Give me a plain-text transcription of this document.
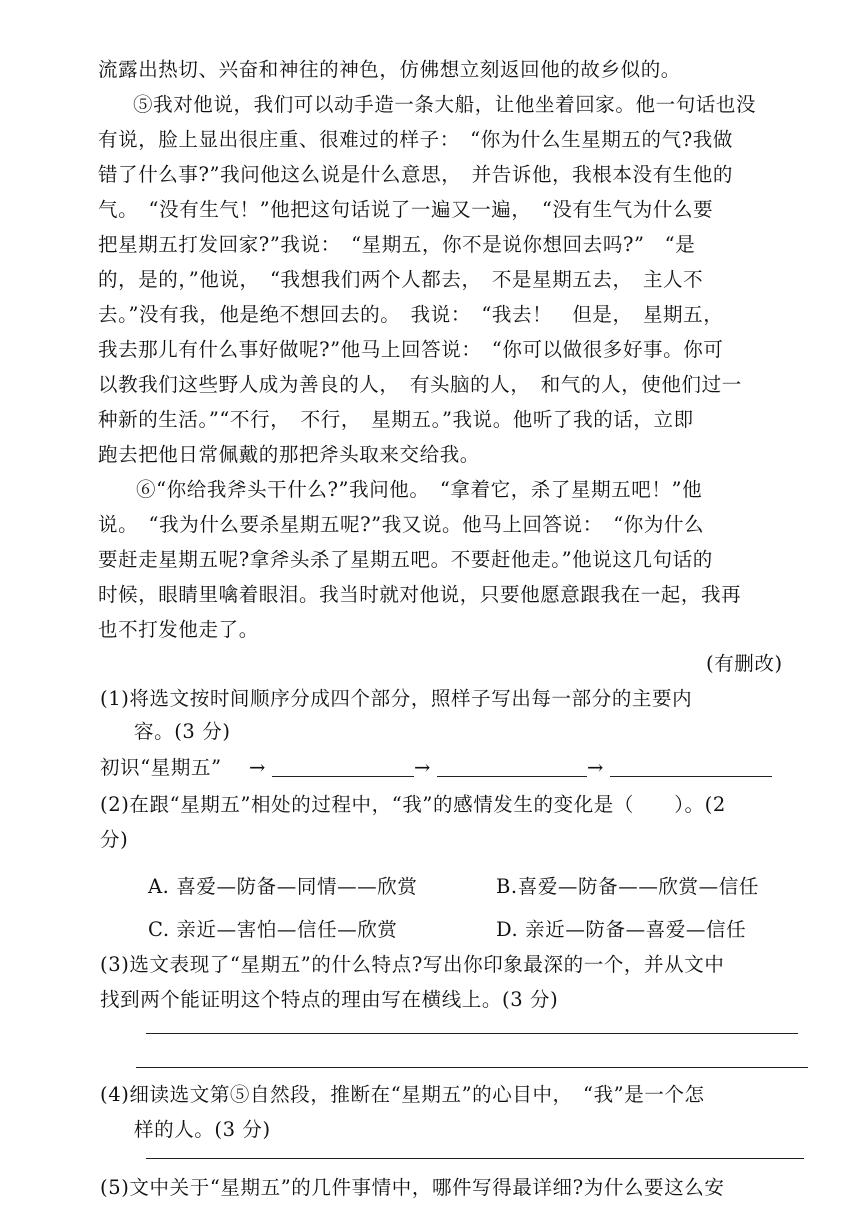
流露出热切、兴奋和神往的神色，仿佛想立刻返回他的故乡似的。
⑤我对他说，我们可以动手造一条大船，让他坐着回家。他一句话也没
有说，脸上显出很庄重、很难过的样子：　“你为什么生星期五的气?我做
错了什么事?”我问他这么说是什么意思，　并告诉他，我根本没有生他的
气。　“没有生气！”他把这句话说了一遍又一遍，　“没有生气为什么要
把星期五打发回家?”我说：　“星期五，你不是说你想回去吗?”　“是
的，是的，”他说，　“我想我们两个人都去，　不是星期五去，　主人不
去。”没有我，他是绝不想回去的。　我说：　“我去！　但是，　星期五，
我去那儿有什么事好做呢?”他马上回答说：　“你可以做很多好事。你可
以教我们这些野人成为善良的人，　有头脑的人，　和气的人，使他们过一
种新的生活。”“不行，　不行，　星期五。”我说。他听了我的话，立即
跑去把他日常佩戴的那把斧头取来交给我。
⑥“你给我斧头干什么?”我问他。　“拿着它，杀了星期五吧！”他
说。　“我为什么要杀星期五呢?”我又说。他马上回答说：　“你为什么
要赶走星期五呢?拿斧头杀了星期五吧。不要赶他走。”他说这几句话的
时候，眼睛里噙着眼泪。我当时就对他说，只要他愿意跟我在一起，我再
也不打发他走了。
(有删改)
(1)将选文按时间顺序分成四个部分，照样子写出每一部分的主要内
容。(3 分)
初识“星期五” →	→	→
(2)在跟“星期五”相处的过程中，“我”的感情发生的变化是（　　）。(2
分)
A. 喜爱—防备—同情——欣赏	B.喜爱—防备——欣赏—信任
C. 亲近—害怕—信任—欣赏	D. 亲近—防备—喜爱—信任
(3)选文表现了“星期五”的什么特点?写出你印象最深的一个，并从文中
找到两个能证明这个特点的理由写在横线上。(3 分)
(4)细读选文第⑤自然段，推断在“星期五”的心目中，　“我”是一个怎
样的人。(3 分)
(5)文中关于“星期五”的几件事情中，哪件写得最详细?为什么要这么安
